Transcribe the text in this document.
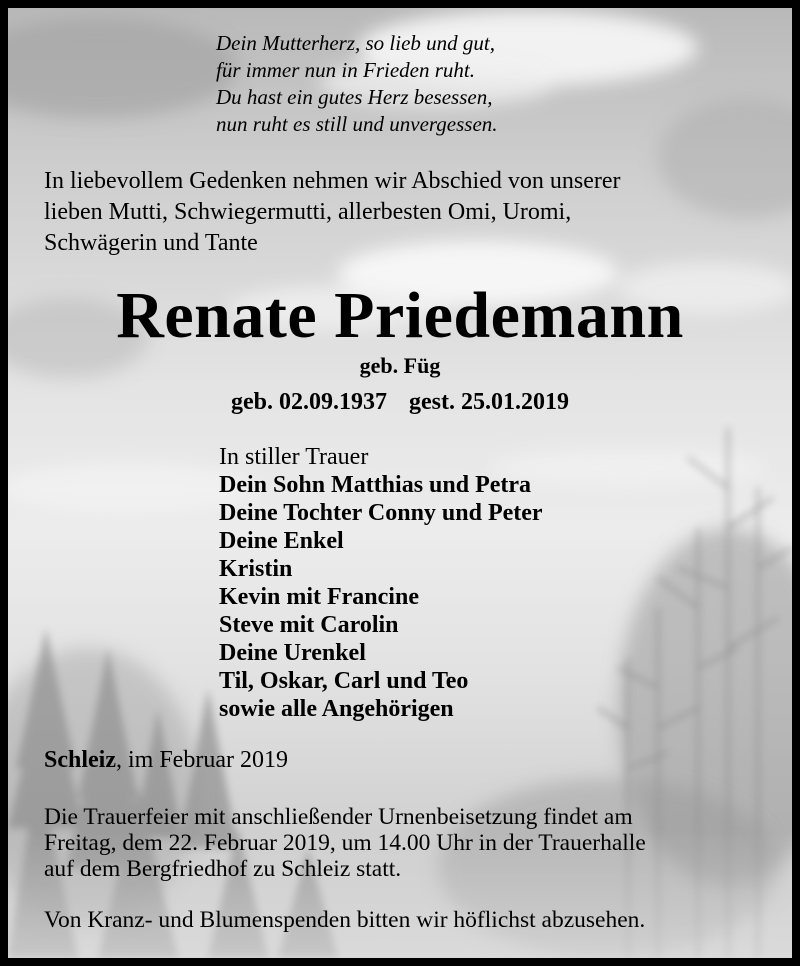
Dein Mutterherz, so lieb und gut,
für immer nun in Frieden ruht.
Du hast ein gutes Herz besessen,
nun ruht es still und unvergessen.
In liebevollem Gedenken nehmen wir Abschied von unserer
lieben Mutti, Schwiegermutti, allerbesten Omi, Uromi,
Schwägerin und Tante
Renate Priedemann
geb. Füg
geb. 02.09.1937 gest. 25.01.2019
In stiller Trauer
Dein Sohn Matthias und Petra
Deine Tochter Conny und Peter
Deine Enkel
Kristin
Kevin mit Francine
Steve mit Carolin
Deine Urenkel
Til, Oskar, Carl und Teo
sowie alle Angehörigen
Schleiz, im Februar 2019
Die Trauerfeier mit anschließender Urnenbeisetzung findet am
Freitag, dem 22. Februar 2019, um 14.00 Uhr in der Trauerhalle
auf dem Bergfriedhof zu Schleiz statt.
Von Kranz- und Blumenspenden bitten wir höflichst abzusehen.
